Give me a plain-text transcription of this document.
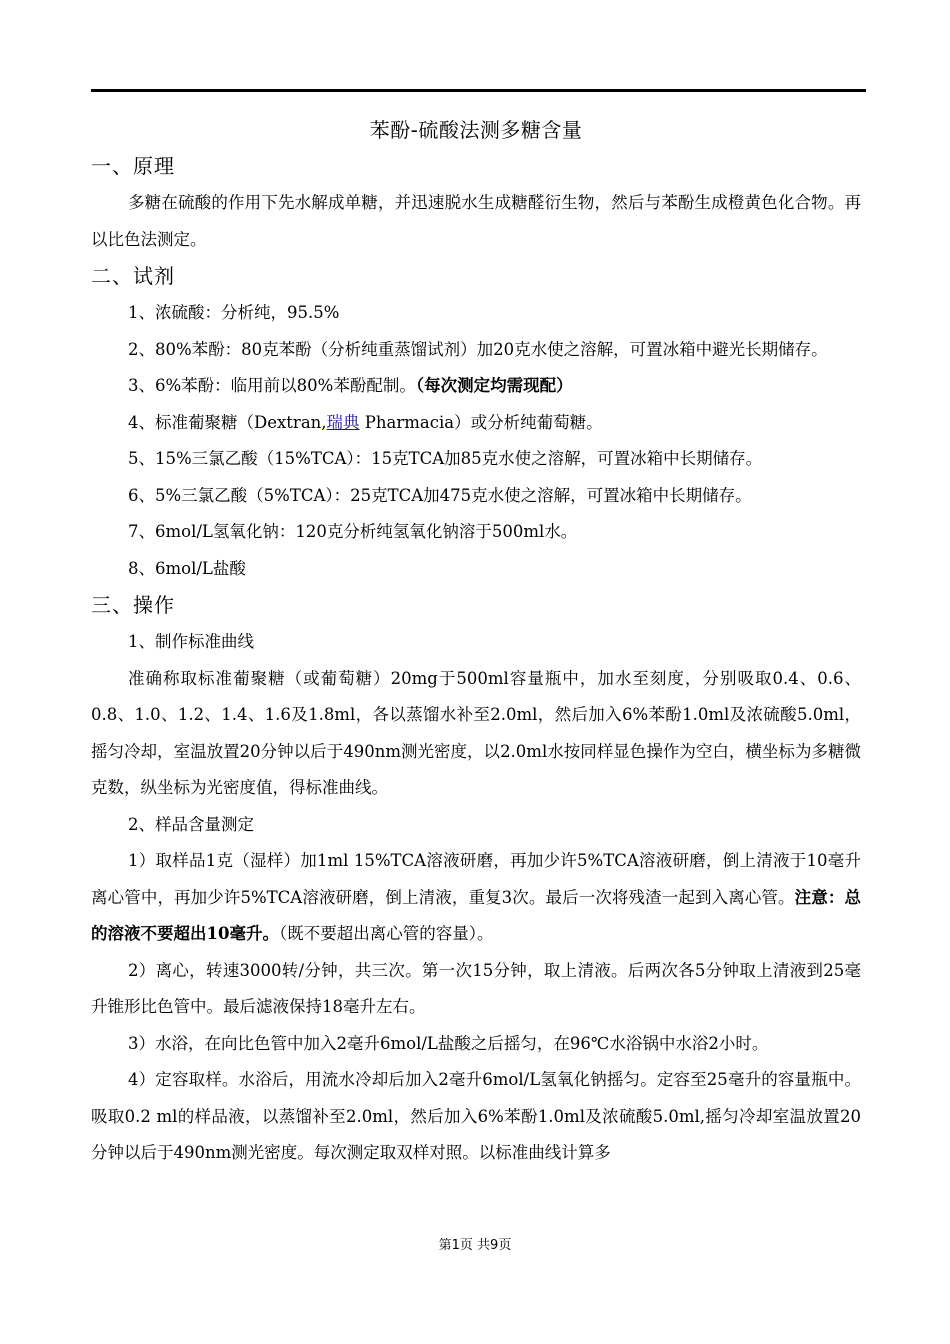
苯酚-硫酸法测多糖含量

一、原理

多糖在硫酸的作用下先水解成单糖，并迅速脱水生成糖醛衍生物，然后与苯酚生成橙黄色化合物。再以比色法测定。

二、试剂

1、浓硫酸：分析纯，95.5%

2、80%苯酚：80克苯酚（分析纯重蒸馏试剂）加20克水使之溶解，可置冰箱中避光长期储存。

3、6%苯酚：临用前以80%苯酚配制。（每次测定均需现配）

4、标准葡聚糖（Dextran,瑞典 Pharmacia）或分析纯葡萄糖。

5、15%三氯乙酸（15%TCA）：15克TCA加85克水使之溶解，可置冰箱中长期储存。

6、5%三氯乙酸（5%TCA）：25克TCA加475克水使之溶解，可置冰箱中长期储存。

7、6mol/L氢氧化钠：120克分析纯氢氧化钠溶于500ml水。

8、6mol/L盐酸

三、操作

1、制作标准曲线

准确称取标准葡聚糖（或葡萄糖）20mg于500ml容量瓶中，加水至刻度，分别吸取0.4、0.6、0.8、1.0、1.2、1.4、1.6及1.8ml，各以蒸馏水补至2.0ml，然后加入6%苯酚1.0ml及浓硫酸5.0ml，摇匀冷却，室温放置20分钟以后于490nm测光密度，以2.0ml水按同样显色操作为空白，横坐标为多糖微克数，纵坐标为光密度值，得标准曲线。

2、样品含量测定

1）取样品1克（湿样）加1ml 15%TCA溶液研磨，再加少许5%TCA溶液研磨，倒上清液于10毫升离心管中，再加少许5%TCA溶液研磨，倒上清液，重复3次。最后一次将残渣一起到入离心管。注意：总的溶液不要超出10毫升。（既不要超出离心管的容量）。

2）离心，转速3000转/分钟，共三次。第一次15分钟，取上清液。后两次各5分钟取上清液到25毫升锥形比色管中。最后滤液保持18毫升左右。

3）水浴，在向比色管中加入2毫升6mol/L盐酸之后摇匀，在96℃水浴锅中水浴2小时。

4）定容取样。水浴后，用流水冷却后加入2毫升6mol/L氢氧化钠摇匀。定容至25毫升的容量瓶中。吸取0.2 ml的样品液，以蒸馏补至2.0ml，然后加入6%苯酚1.0ml及浓硫酸5.0ml,摇匀冷却室温放置20分钟以后于490nm测光密度。每次测定取双样对照。以标准曲线计算多

第1页 共9页
